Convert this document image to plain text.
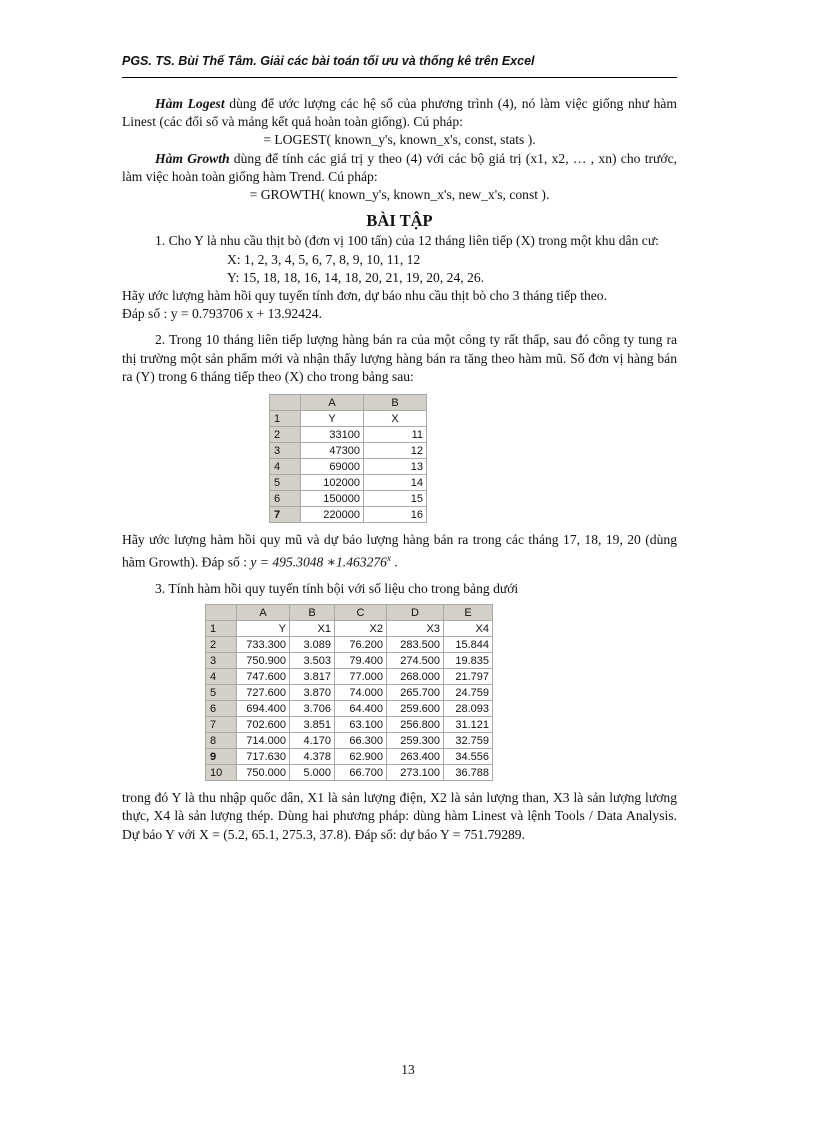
PGS. TS. Bùi Thế Tâm. Giải các bài toán tối ưu và thống kê trên Excel

Hàm Logest dùng để ước lượng các hệ số của phương trình (4), nó làm việc giống như hàm Linest (các đối số và mảng kết quả hoàn toàn giống). Cú pháp:

= LOGEST( known_y's, known_x's, const, stats ).

Hàm Growth dùng để tính các giá trị y theo (4) với các bộ giá trị (x1, x2, … , xn) cho trước, làm việc hoàn toàn giống hàm Trend. Cú pháp:

= GROWTH( known_y's, known_x's, new_x's, const ).

BÀI TẬP

1. Cho Y là nhu cầu thịt bò (đơn vị 100 tấn) của 12 tháng liên tiếp (X) trong một khu dân cư:

X: 1, 2, 3, 4, 5, 6, 7, 8, 9, 10, 11, 12

Y: 15, 18, 18, 16, 14, 18, 20, 21, 19, 20, 24, 26.

Hãy ước lượng hàm hồi quy tuyến tính đơn, dự báo nhu cầu thịt bò cho 3 tháng tiếp theo.

Đáp số : y = 0.793706 x + 13.92424.

2. Trong 10 tháng liên tiếp lượng hàng bán ra của một công ty rất thấp, sau đó công ty tung ra thị trường một sản phẩm mới và nhận thấy lượng hàng bán ra tăng theo hàm mũ. Số đơn vị hàng bán ra (Y) trong 6 tháng tiếp theo (X) cho trong bảng sau:

	A	B
1	Y	X
2	33100	11
3	47300	12
4	69000	13
5	102000	14
6	150000	15
7	220000	16

Hãy ước lượng hàm hồi quy mũ và dự báo lượng hàng bán ra trong các tháng 17, 18, 19, 20 (dùng hàm Growth). Đáp số : y = 495.3048 ∗1.463276$^x$ .

3. Tính hàm hồi quy tuyến tính bội với số liệu cho trong bảng dưới

	A	B	C	D	E
1	Y	X1	X2	X3	X4
2	733.300	3.089	76.200	283.500	15.844
3	750.900	3.503	79.400	274.500	19.835
4	747.600	3.817	77.000	268.000	21.797
5	727.600	3.870	74.000	265.700	24.759
6	694.400	3.706	64.400	259.600	28.093
7	702.600	3.851	63.100	256.800	31.121
8	714.000	4.170	66.300	259.300	32.759
9	717.630	4.378	62.900	263.400	34.556
10	750.000	5.000	66.700	273.100	36.788

trong đó Y là thu nhập quốc dân, X1 là sản lượng điện, X2 là sản lượng than, X3 là sản lượng lương thực, X4 là sản lượng thép. Dùng hai phương pháp: dùng hàm Linest và lệnh Tools / Data Analysis. Dự báo Y với X = (5.2, 65.1, 275.3, 37.8). Đáp số: dự báo Y = 751.79289.

13
